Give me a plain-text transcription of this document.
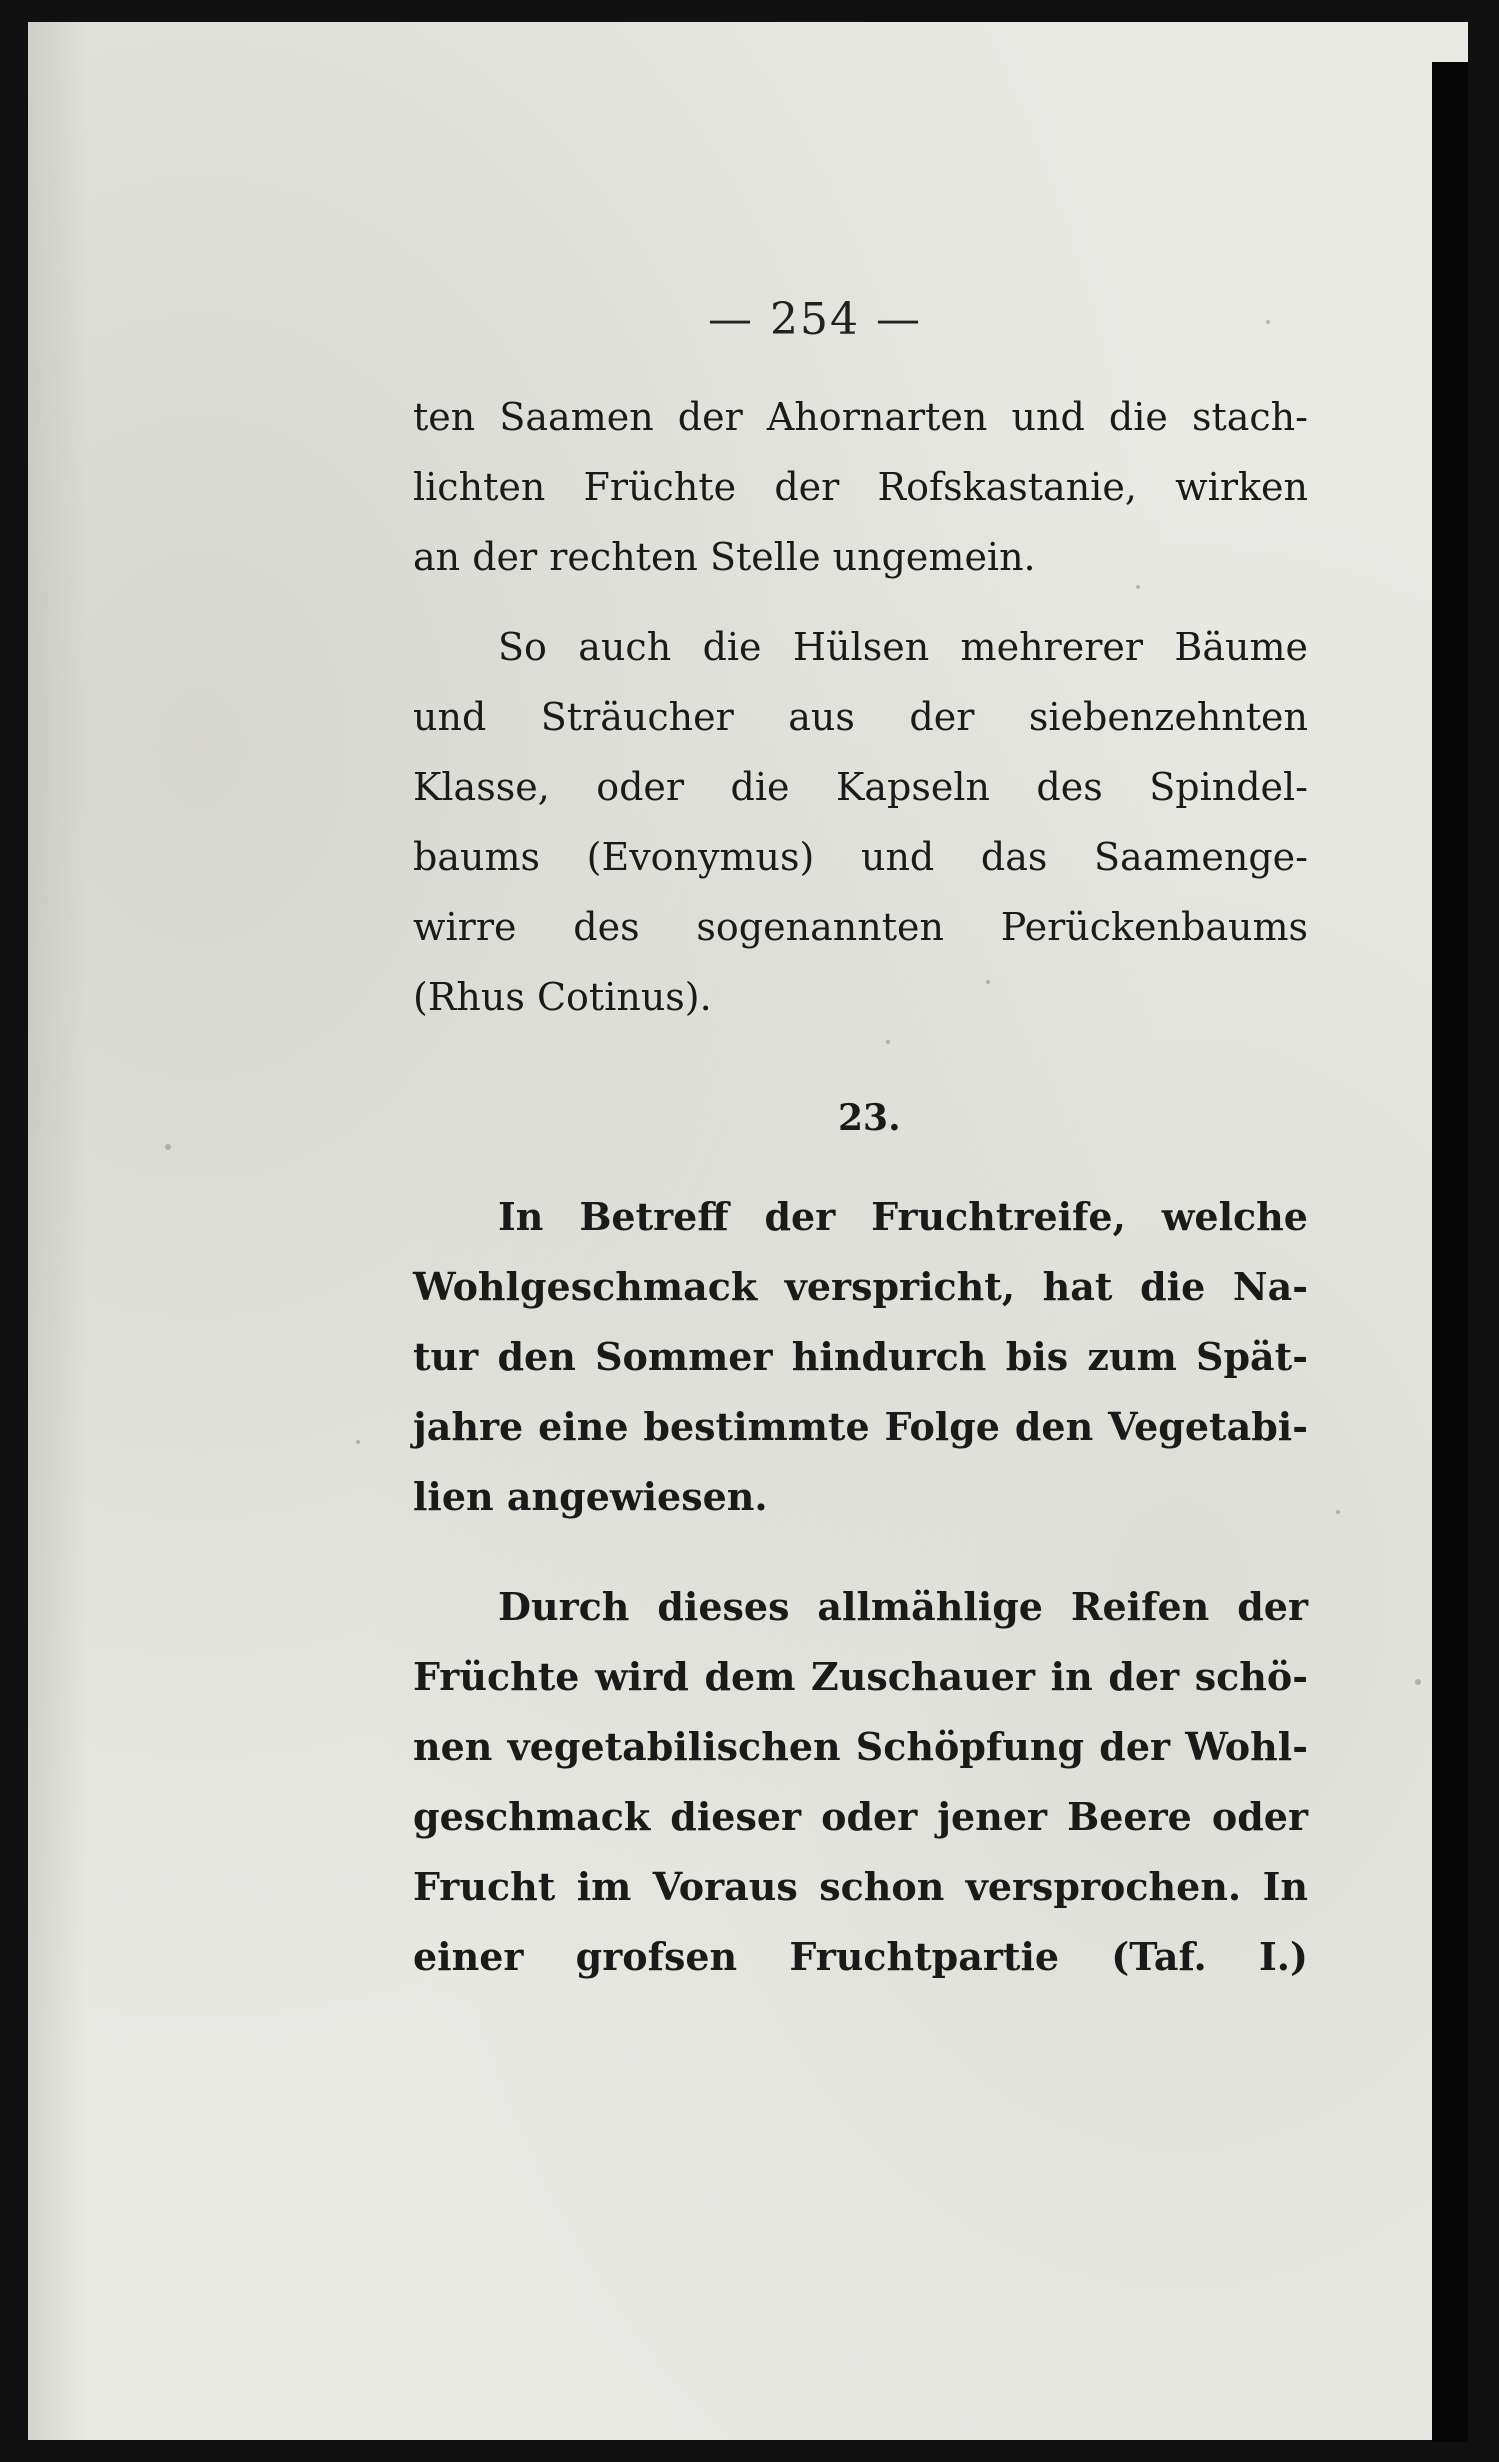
— 254 —
ten Saamen der Ahornarten und die stach-
lichten Früchte der Rofskastanie, wirken
an der rechten Stelle ungemein.
So auch die Hülsen mehrerer Bäume
und Sträucher aus der siebenzehnten
Klasse, oder die Kapseln des Spindel-
baums (Evonymus) und das Saamenge-
wirre des sogenannten Perückenbaums
(Rhus Cotinus).
In Betreff der Fruchtreife, welche
Wohlgeschmack verspricht, hat die Na-
tur den Sommer hindurch bis zum Spät-
jahre eine bestimmte Folge den Vegetabi-
lien angewiesen.
Durch dieses allmählige Reifen der
Früchte wird dem Zuschauer in der schö-
nen vegetabilischen Schöpfung der Wohl-
geschmack dieser oder jener Beere oder
Frucht im Voraus schon versprochen. In
einer grofsen Fruchtpartie (Taf. I.)
23.
